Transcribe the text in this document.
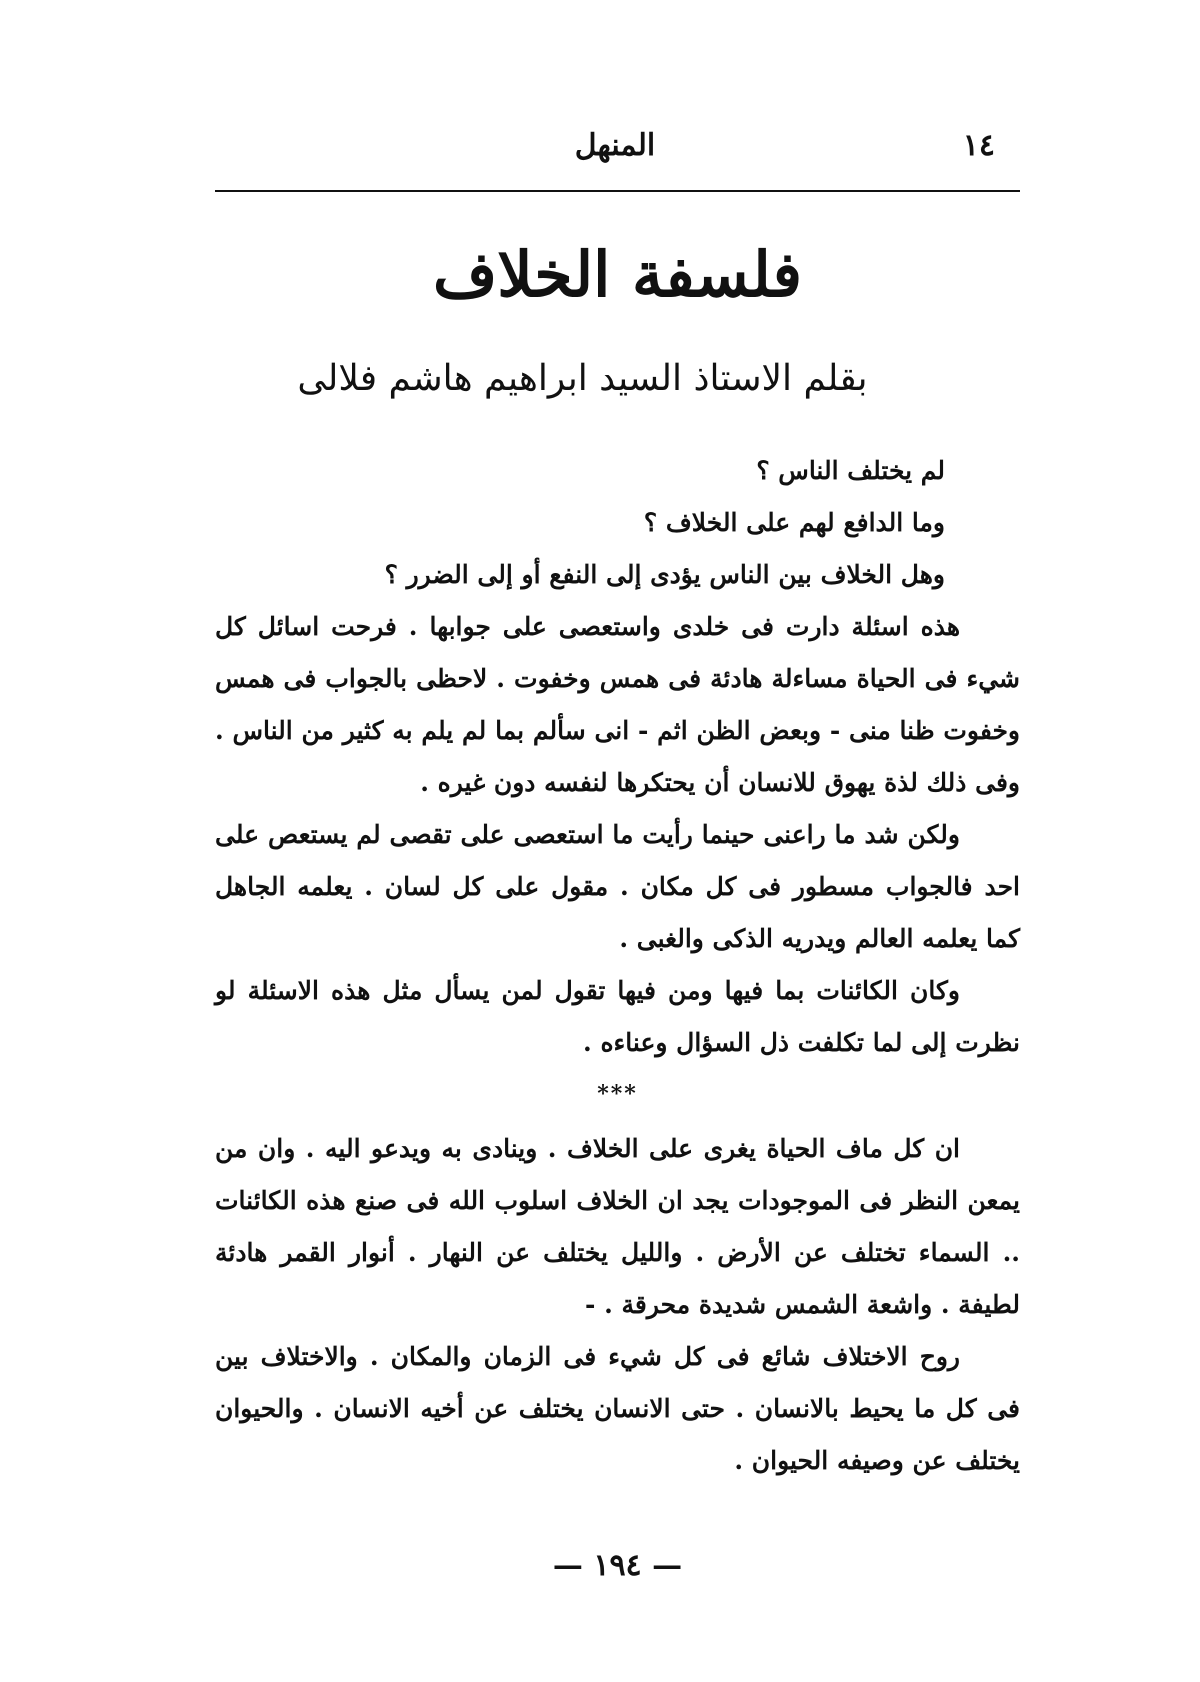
١٤
المنهل
فلسفة الخلاف
بقلم الاستاذ السيد ابراهيم هاشم فلالى

لم يختلف الناس ؟

وما الدافع لهم على الخلاف ؟

وهل الخلاف بين الناس يؤدى إلى النفع أو إلى الضرر ؟

هذه اسئلة دارت فى خلدى واستعصى على جوابها . فرحت اسائل كل شيء فى الحياة مساءلة هادئة فى همس وخفوت . لاحظى بالجواب فى همس وخفوت ظنا منى - وبعض الظن اثم - انى سألم بما لم يلم به كثير من الناس . وفى ذلك لذة يهوق للانسان أن يحتكرها لنفسه دون غيره .

ولكن شد ما راعنى حينما رأيت ما استعصى على تقصى لم يستعص على احد فالجواب مسطور فى كل مكان . مقول على كل لسان . يعلمه الجاهل كما يعلمه العالم ويدريه الذكى والغبى .

وكان الكائنات بما فيها ومن فيها تقول لمن يسأل مثل هذه الاسئلة لو نظرت إلى لما تكلفت ذل السؤال وعناءه .

***

ان كل ماف الحياة يغرى على الخلاف . وينادى به ويدعو اليه . وان من يمعن النظر فى الموجودات يجد ان الخلاف اسلوب الله فى صنع هذه الكائنات .. السماء تختلف عن الأرض . والليل يختلف عن النهار . أنوار القمر هادئة لطيفة . واشعة الشمس شديدة محرقة . -

روح الاختلاف شائع فى كل شيء فى الزمان والمكان . والاختلاف بين فى كل ما يحيط بالانسان . حتى الانسان يختلف عن أخيه الانسان . والحيوان يختلف عن وصيفه الحيوان .

— ١٩٤ —
